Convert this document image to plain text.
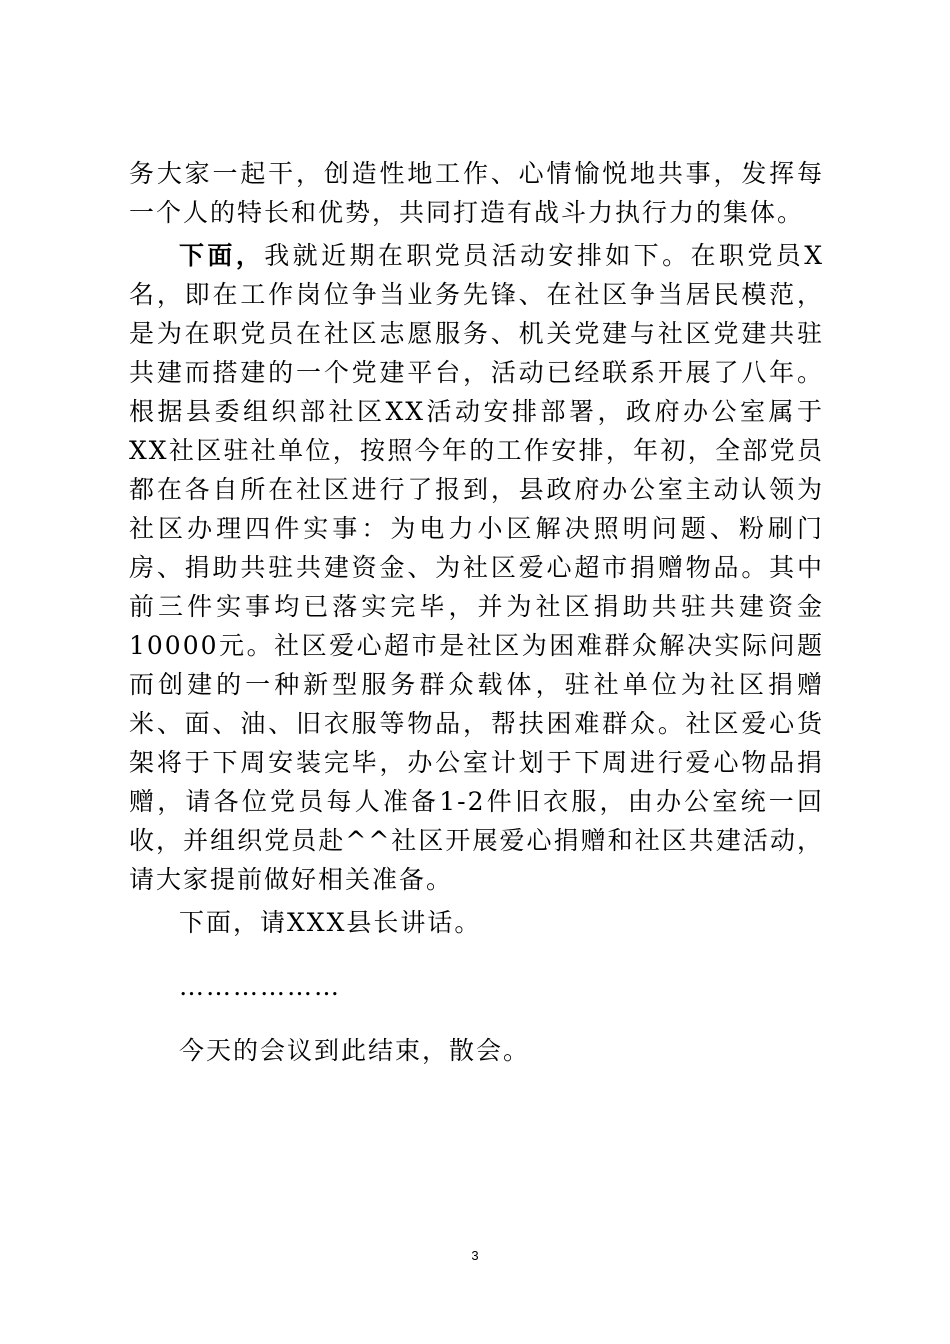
务大家一起干，创造性地工作、心情愉悦地共事，发挥每一个人的特长和优势，共同打造有战斗力执行力的集体。

下面，我就近期在职党员活动安排如下。在职党员X名，即在工作岗位争当业务先锋、在社区争当居民模范，是为在职党员在社区志愿服务、机关党建与社区党建共驻共建而搭建的一个党建平台，活动已经联系开展了八年。根据县委组织部社区XX活动安排部署，政府办公室属于XX社区驻社单位，按照今年的工作安排，年初，全部党员都在各自所在社区进行了报到，县政府办公室主动认领为社区办理四件实事：为电力小区解决照明问题、粉刷门房、捐助共驻共建资金、为社区爱心超市捐赠物品。其中前三件实事均已落实完毕，并为社区捐助共驻共建资金10000元。社区爱心超市是社区为困难群众解决实际问题而创建的一种新型服务群众载体，驻社单位为社区捐赠米、面、油、旧衣服等物品，帮扶困难群众。社区爱心货架将于下周安装完毕，办公室计划于下周进行爱心物品捐赠，请各位党员每人准备1-2件旧衣服，由办公室统一回收，并组织党员赴^^社区开展爱心捐赠和社区共建活动，请大家提前做好相关准备。

下面，请XXX县长讲话。

………………

今天的会议到此结束，散会。

3
